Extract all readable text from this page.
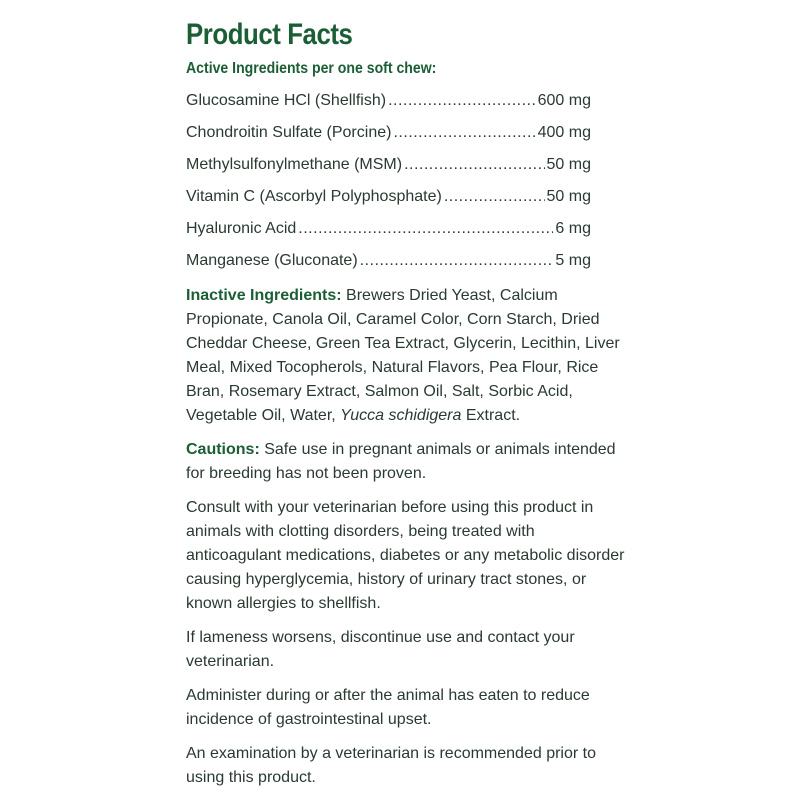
Product Facts
Active Ingredients per one soft chew:
Glucosamine HCl (Shellfish) .....	600 mg
Chondroitin Sulfate (Porcine) .....	400 mg
Methylsulfonylmethane (MSM) .....	50 mg
Vitamin C (Ascorbyl Polyphosphate) .....	50 mg
Hyaluronic Acid .....	6 mg
Manganese (Gluconate) .....	5 mg

Inactive Ingredients: Brewers Dried Yeast, Calcium Propionate, Canola Oil, Caramel Color, Corn Starch, Dried Cheddar Cheese, Green Tea Extract, Glycerin, Lecithin, Liver Meal, Mixed Tocopherols, Natural Flavors, Pea Flour, Rice Bran, Rosemary Extract, Salmon Oil, Salt, Sorbic Acid, Vegetable Oil, Water, Yucca schidigera Extract.

Cautions: Safe use in pregnant animals or animals intended for breeding has not been proven.

Consult with your veterinarian before using this product in animals with clotting disorders, being treated with anticoagulant medications, diabetes or any metabolic disorder causing hyperglycemia, history of urinary tract stones, or known allergies to shellfish.

If lameness worsens, discontinue use and contact your veterinarian.

Administer during or after the animal has eaten to reduce incidence of gastrointestinal upset.

An examination by a veterinarian is recommended prior to using this product.
